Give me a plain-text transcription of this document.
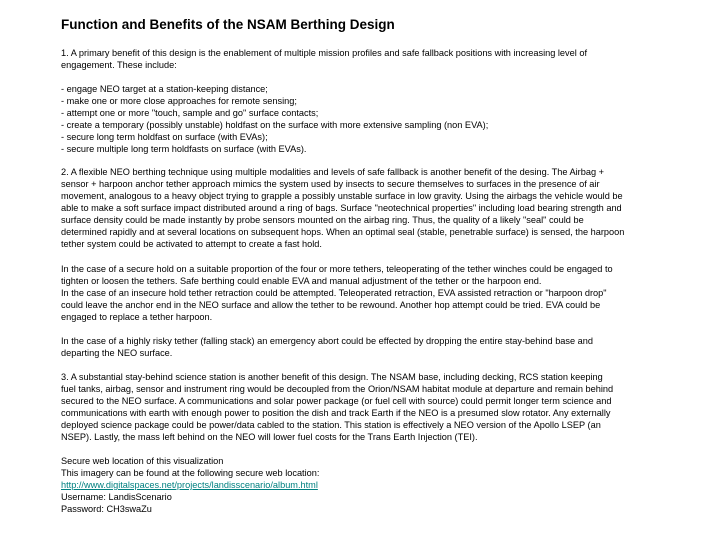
Function and Benefits of the NSAM Berthing Design
1. A primary benefit of this design is the enablement of multiple mission profiles and safe fallback positions with increasing level of
engagement. These include:
- engage NEO target at a station-keeping distance;
- make one or more close approaches for remote sensing;
- attempt one or more "touch, sample and go" surface contacts;
- create a temporary (possibly unstable) holdfast on the surface with more extensive sampling (non EVA);
- secure long term holdfast on surface (with EVAs);
- secure multiple long term holdfasts on surface (with EVAs).
2. A flexible NEO berthing technique using multiple modalities and levels of safe fallback is another benefit of the desing. The Airbag +
sensor + harpoon anchor tether approach mimics the system used by insects to secure themselves to surfaces in the presence of air
movement, analogous to a heavy object trying to grapple a possibly unstable surface in low gravity. Using the airbags the vehicle would be
able to make a soft surface impact distributed around a ring of bags. Surface "neotechnical properties" including load bearing strength and
surface density could be made instantly by probe sensors mounted on the airbag ring. Thus, the quality of a likely "seal" could be
determined rapidly and at several locations on subsequent hops. When an optimal seal (stable, penetrable surface) is sensed, the harpoon
tether system could be activated to attempt to create a fast hold.
In the case of a secure hold on a suitable proportion of the four or more tethers, teleoperating of the tether winches could be engaged to
tighten or loosen the tethers. Safe berthing could enable EVA and manual adjustment of the tether or the harpoon end.
In the case of an insecure hold tether retraction could be attempted. Teleoperated retraction, EVA assisted retraction or "harpoon drop"
could leave the anchor end in the NEO surface and allow the tether to be rewound. Another hop attempt could be tried. EVA could be
engaged to replace a tether harpoon.
In the case of a highly risky tether (falling stack) an emergency abort could be effected by dropping the entire stay-behind base and
departing the NEO surface.
3. A substantial stay-behind science station is another benefit of this design. The NSAM base, including decking, RCS station keeping
fuel tanks, airbag, sensor and instrument ring would be decoupled from the Orion/NSAM habitat module at departure and remain behind
secured to the NEO surface. A communications and solar power package (or fuel cell with source) could permit longer term science and
communications with earth with enough power to position the dish and track Earth if the NEO is a presumed slow rotator. Any externally
deployed science package could be power/data cabled to the station. This station is effectively a NEO version of the Apollo LSEP (an
NSEP). Lastly, the mass left behind on the NEO will lower fuel costs for the Trans Earth Injection (TEI).
Secure web location of this visualization
This imagery can be found at the following secure web location:
http://www.digitalspaces.net/projects/landisscenario/album.html
Username: LandisScenario
Password: CH3swaZu
